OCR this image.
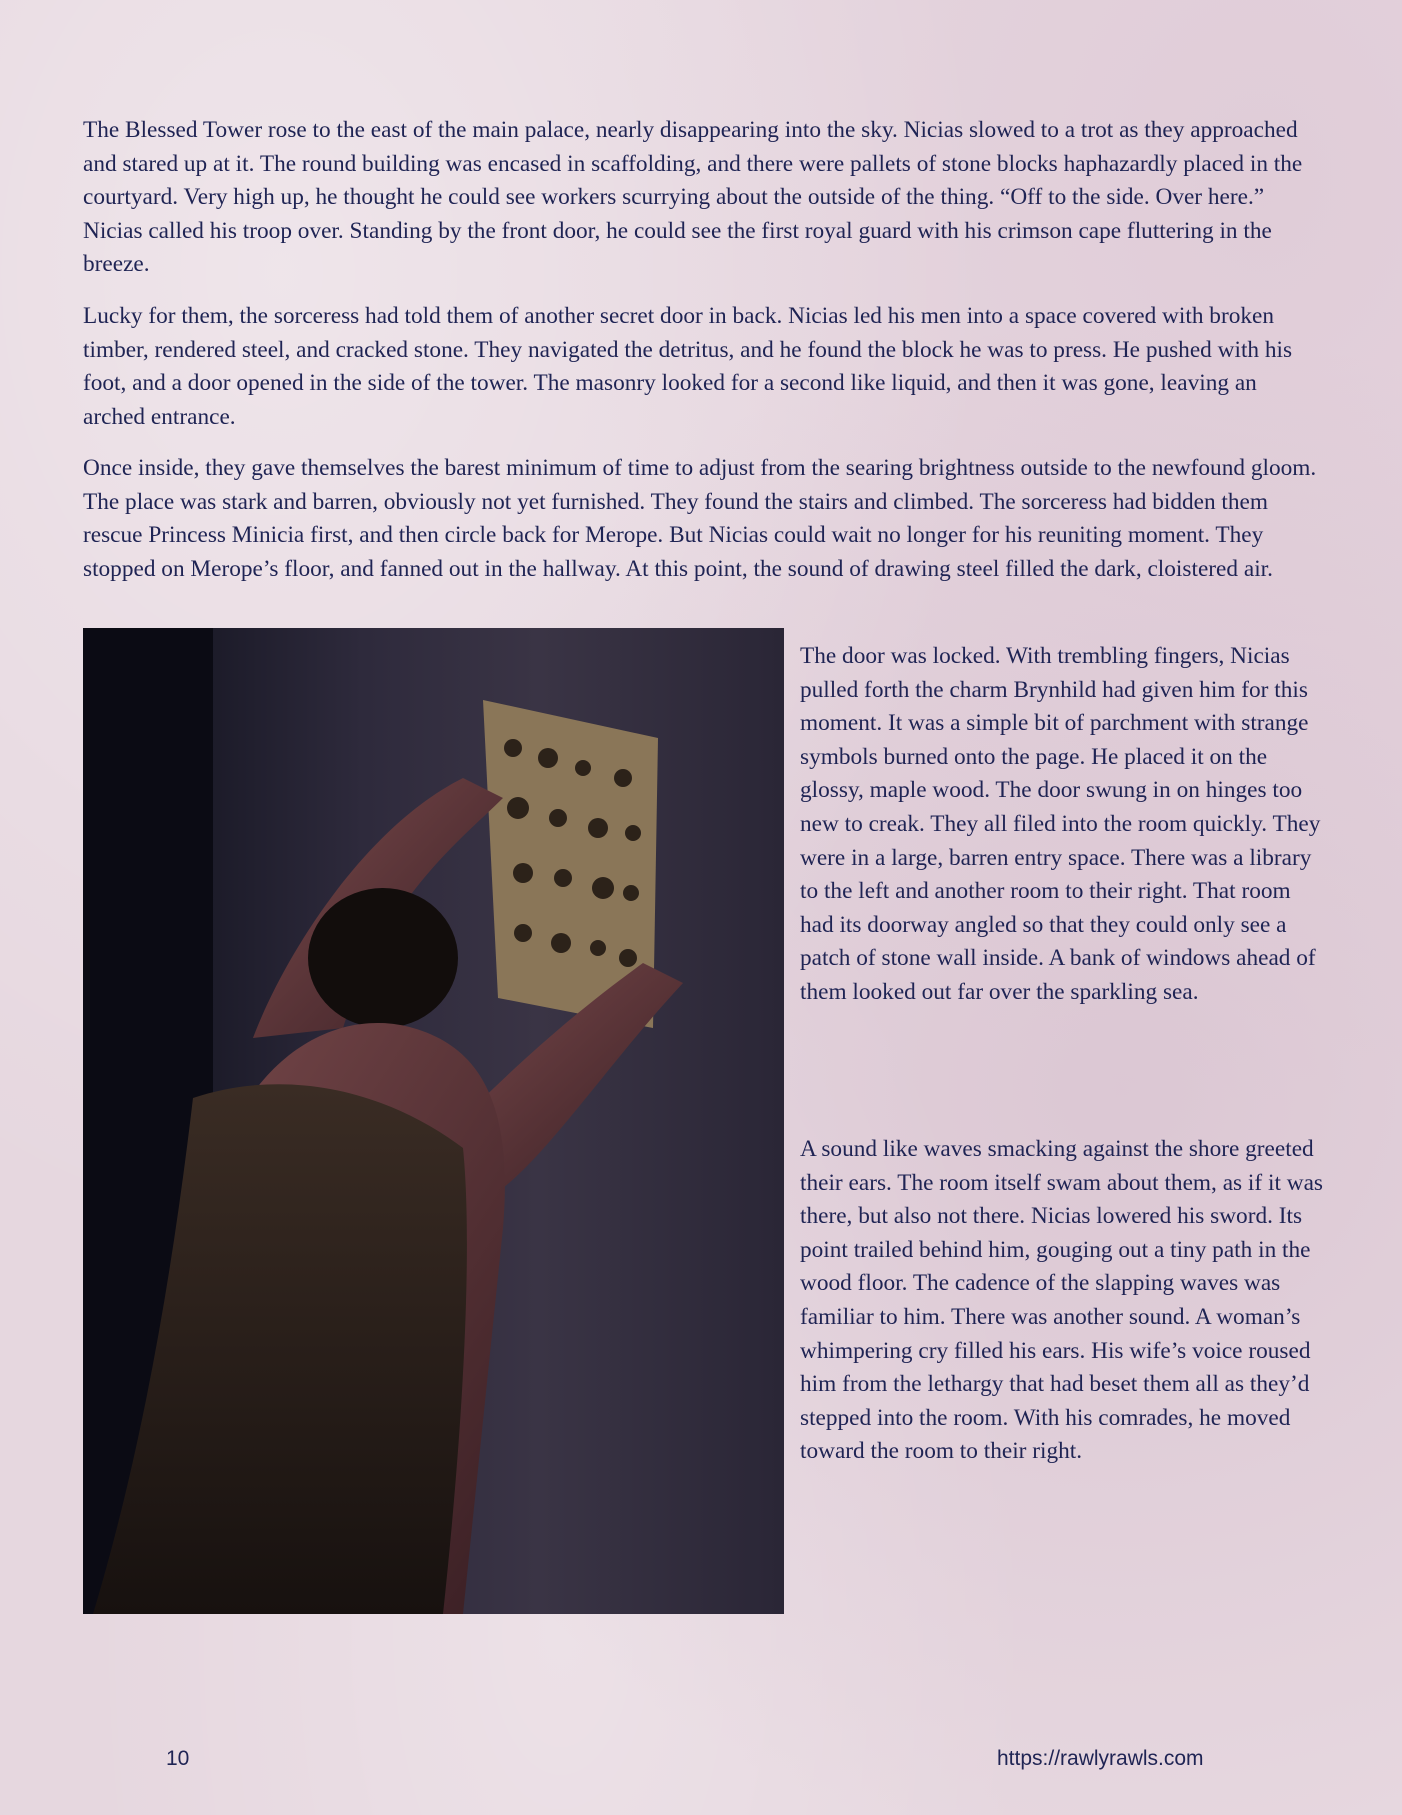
The Blessed Tower rose to the east of the main palace, nearly disappearing into the sky. Nicias slowed to a trot as they approached and stared up at it. The round building was encased in scaffolding, and there were pallets of stone blocks haphazardly placed in the courtyard. Very high up, he thought he could see workers scurrying about the outside of the thing. “Off to the side. Over here.” Nicias called his troop over. Standing by the front door, he could see the first royal guard with his crimson cape fluttering in the breeze.

Lucky for them, the sorceress had told them of another secret door in back. Nicias led his men into a space covered with broken timber, rendered steel, and cracked stone. They navigated the detritus, and he found the block he was to press. He pushed with his foot, and a door opened in the side of the tower. The masonry looked for a second like liquid, and then it was gone, leaving an arched entrance.

Once inside, they gave themselves the barest minimum of time to adjust from the searing brightness outside to the newfound gloom. The place was stark and barren, obviously not yet furnished. They found the stairs and climbed. The sorceress had bidden them rescue Princess Minicia first, and then circle back for Merope. But Nicias could wait no longer for his reuniting moment. They stopped on Merope’s floor, and fanned out in the hallway. At this point, the sound of drawing steel filled the dark, cloistered air.

The door was locked. With trembling fingers, Nicias pulled forth the charm Brynhild had given him for this moment. It was a simple bit of parchment with strange symbols burned onto the page. He placed it on the glossy, maple wood. The door swung in on hinges too new to creak. They all filed into the room quickly. They were in a large, barren entry space. There was a library to the left and another room to their right. That room had its doorway angled so that they could only see a patch of stone wall inside. A bank of windows ahead of them looked out far over the sparkling sea.

A sound like waves smacking against the shore greeted their ears. The room itself swam about them, as if it was there, but also not there. Nicias lowered his sword. Its point trailed behind him, gouging out a tiny path in the wood floor. The cadence of the slapping waves was familiar to him. There was another sound. A woman’s whimpering cry filled his ears. His wife’s voice roused him from the lethargy that had beset them all as they’d stepped into the room. With his comrades, he moved toward the room to their right.

10	https://rawlyrawls.com
